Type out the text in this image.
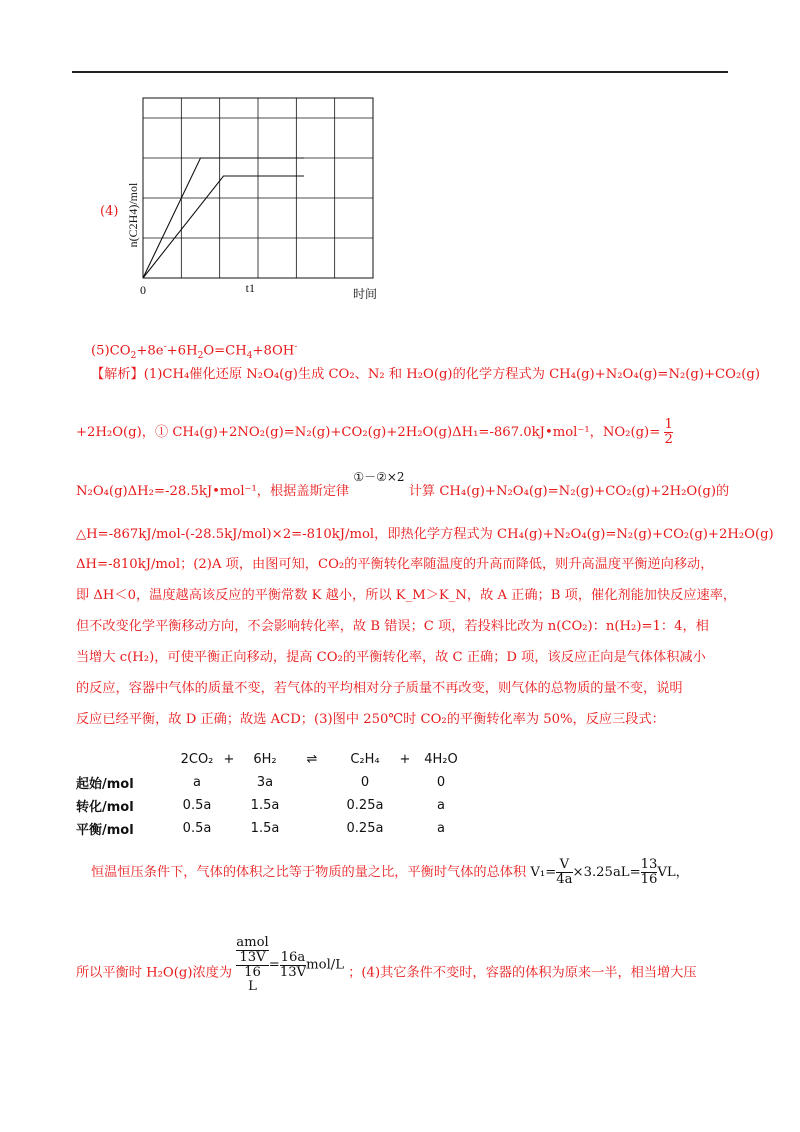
(4) n(C2H4)/mol
时间
0	t1
$(5)CO_2+8e^-+6H_2O=CH_4+8OH^-$
【解析】(1)CH₄催化还原 N₂O₄(g)生成 CO₂、N₂ 和 H₂O(g)的化学方程式为 CH₄(g)+N₂O₄(g)=N₂(g)+CO₂(g)
+2H₂O(g)，① CH₄(g)+2NO₂(g)=N₂(g)+CO₂(g)+2H₂O(g)ΔH₁=-867.0kJ•mol⁻¹，$NO_2(g)= \frac{1}{2}$
N₂O₄(g)ΔH₂=-28.5kJ•mol⁻¹，根据盖斯定律 ①－②×2 计算 CH₄(g)+N₂O₄(g)=N₂(g)+CO₂(g)+2H₂O(g)的
△H=-867kJ/mol-(-28.5kJ/mol)×2=-810kJ/mol，即热化学方程式为 CH₄(g)+N₂O₄(g)=N₂(g)+CO₂(g)+2H₂O(g)
ΔH=-810kJ/mol；(2)A 项，由图可知，CO₂的平衡转化率随温度的升高而降低，则升高温度平衡逆向移动，
即 ΔH＜0，温度越高该反应的平衡常数 K 越小，所以 K_M＞K_N，故 A 正确；B 项，催化剂能加快反应速率，
但不改变化学平衡移动方向，不会影响转化率，故 B 错误；C 项，若投料比改为 n(CO₂)：n(H₂)=1：4，相
当增大 c(H₂)，可使平衡正向移动，提高 CO₂的平衡转化率，故 C 正确；D 项，该反应正向是气体体积减小
的反应，容器中气体的质量不变，若气体的平均相对分子质量不再改变，则气体的总物质的量不变，说明
反应已经平衡，故 D 正确；故选 ACD；(3)图中 250℃时 CO₂的平衡转化率为 50%，反应三段式：
	2CO₂	+	6H₂	⇌	C₂H₄	+	4H₂O
起始/mol	a		3a		0		0
转化/mol	0.5a		1.5a		0.25a		a
平衡/mol	0.5a		1.5a		0.25a		a
恒温恒压条件下，气体的体积之比等于物质的量之比，平衡时气体的总体积 $V_1= \frac{V}{4a} \times 3.25aL= \frac{13}{16}$ VL，
所以平衡时 H₂O(g)浓度为 amol
13V
16
$L = \frac{16a}{13V} mol/L$ ；(4)其它条件不变时，容器的体积为原来一半，相当增大压
